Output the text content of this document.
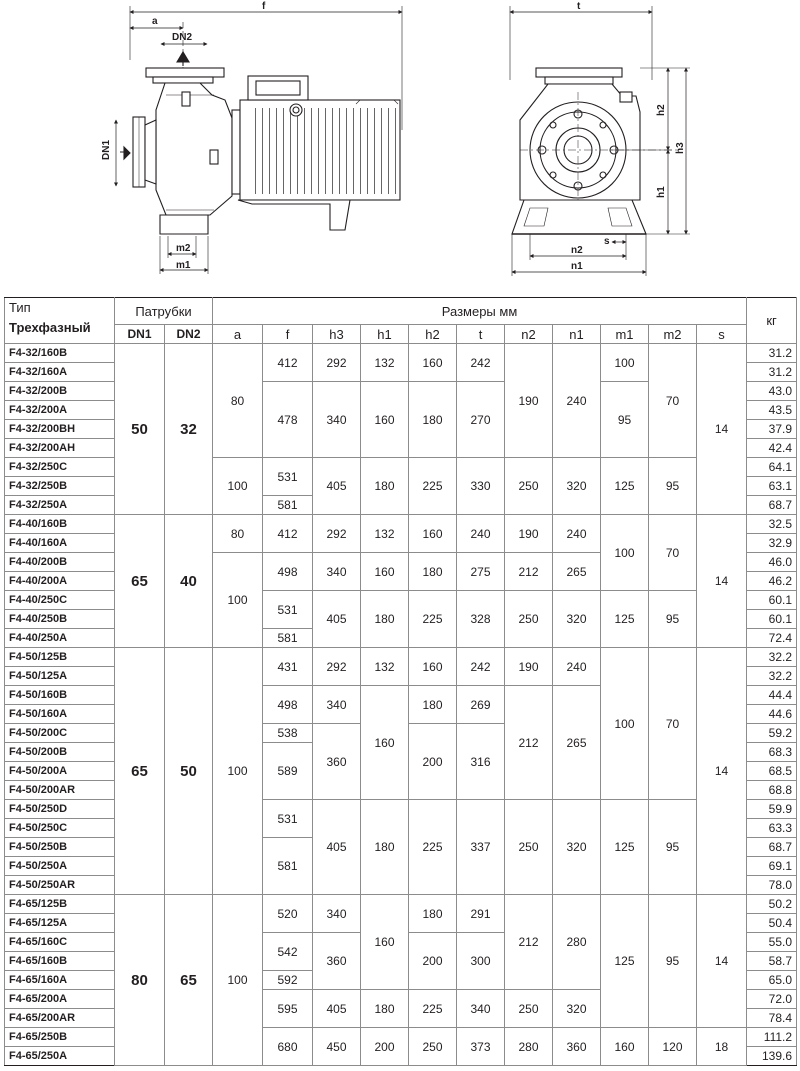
a
f
DN2
DN1
m2
m1
t
h2
h1
h3
n2
n1
s
Тип
Трехфазный	Патрубки		Размеры мм											кг
	DN1	DN2	a	f	h3	h1	h2	t	n2	n1	m1	m2	s	
F4-32/160B	50	32	80	412	292	132	160	242	190	240	100	70	14	31.2
F4-32/160A														31.2
F4-32/200B				478	340	160	180	270			95			43.0
F4-32/200A														43.5
F4-32/200BH														37.9
F4-32/200AH														42.4
F4-32/250C			100	531	405	180	225	330	250	320	125	95		64.1
F4-32/250B														63.1
F4-32/250A				581										68.7
F4-40/160B	65	40	80	412	292	132	160	240	190	240	100	70	14	32.5
F4-40/160A														32.9
F4-40/200B			100	498	340	160	180	275	212	265				46.0
F4-40/200A														46.2
F4-40/250C				531	405	180	225	328	250	320	125	95		60.1
F4-40/250B														60.1
F4-40/250A				581										72.4
F4-50/125B	65	50	100	431	292	132	160	242	190	240	100	70	14	32.2
F4-50/125A														32.2
F4-50/160B				498	340	160	180	269	212	265				44.4
F4-50/160A														44.6
F4-50/200C				538	360		200	316						59.2
F4-50/200B				589										68.3
F4-50/200A														68.5
F4-50/200AR														68.8
F4-50/250D				531	405	180	225	337	250	320	125	95		59.9
F4-50/250C														63.3
F4-50/250B				581										68.7
F4-50/250A														69.1
F4-50/250AR														78.0
F4-65/125B	80	65	100	520	340	160	180	291	212	280	125	95	14	50.2
F4-65/125A														50.4
F4-65/160C				542	360		200	300						55.0
F4-65/160B														58.7
F4-65/160A				592										65.0
F4-65/200A				595	405	180	225	340	250	320				72.0
F4-65/200AR														78.4
F4-65/250B				680	450	200	250	373	280	360	160	120	18	111.2
F4-65/250A														139.6
